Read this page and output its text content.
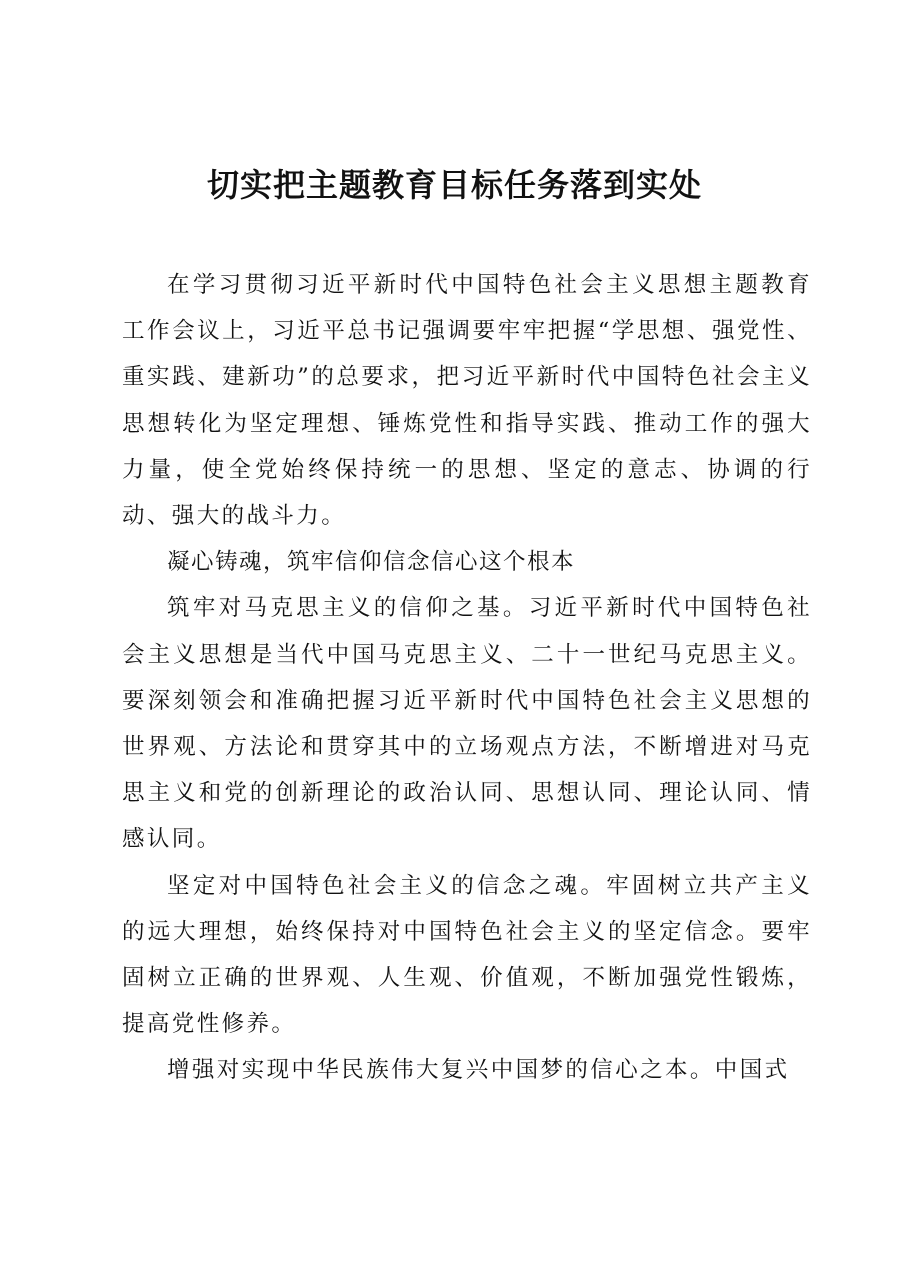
切实把主题教育目标任务落到实处

在学习贯彻习近平新时代中国特色社会主义思想主题教育工作会议上，习近平总书记强调要牢牢把握“学思想、强党性、重实践、建新功”的总要求，把习近平新时代中国特色社会主义思想转化为坚定理想、锤炼党性和指导实践、推动工作的强大力量，使全党始终保持统一的思想、坚定的意志、协调的行动、强大的战斗力。

凝心铸魂，筑牢信仰信念信心这个根本

筑牢对马克思主义的信仰之基。习近平新时代中国特色社会主义思想是当代中国马克思主义、二十一世纪马克思主义。要深刻领会和准确把握习近平新时代中国特色社会主义思想的世界观、方法论和贯穿其中的立场观点方法，不断增进对马克思主义和党的创新理论的政治认同、思想认同、理论认同、情感认同。

坚定对中国特色社会主义的信念之魂。牢固树立共产主义的远大理想，始终保持对中国特色社会主义的坚定信念。要牢固树立正确的世界观、人生观、价值观，不断加强党性锻炼，提高党性修养。

增强对实现中华民族伟大复兴中国梦的信心之本。中国式
